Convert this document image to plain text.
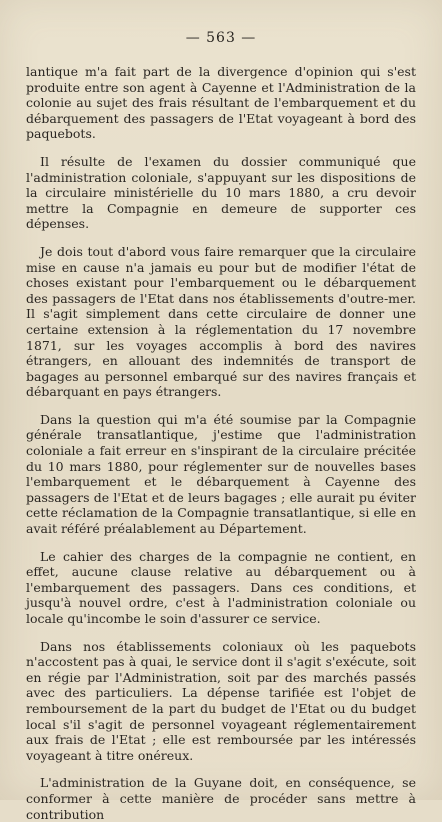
— 563 —

lantique m'a fait part de la divergence d'opinion qui s'est produite entre son agent à Cayenne et l'Administration de la colonie au sujet des frais résultant de l'embarquement et du débarquement des passagers de l'Etat voyageant à bord des paquebots.

Il résulte de l'examen du dossier communiqué que l'administration coloniale, s'appuyant sur les dispositions de la circulaire ministérielle du 10 mars 1880, a cru devoir mettre la Compagnie en demeure de supporter ces dépenses.

Je dois tout d'abord vous faire remarquer que la circulaire mise en cause n'a jamais eu pour but de modifier l'état de choses existant pour l'embarquement ou le débarquement des passagers de l'Etat dans nos établissements d'outre-mer. Il s'agit simplement dans cette circulaire de donner une certaine extension à la réglementation du 17 novembre 1871, sur les voyages accomplis à bord des navires étrangers, en allouant des indemnités de transport de bagages au personnel embarqué sur des navires français et débarquant en pays étrangers.

Dans la question qui m'a été soumise par la Compagnie générale transatlantique, j'estime que l'administration coloniale a fait erreur en s'inspirant de la circulaire précitée du 10 mars 1880, pour réglementer sur de nouvelles bases l'embarquement et le débarquement à Cayenne des passagers de l'Etat et de leurs bagages ; elle aurait pu éviter cette réclamation de la Compagnie transatlantique, si elle en avait référé préalablement au Département.

Le cahier des charges de la compagnie ne contient, en effet, aucune clause relative au débarquement ou à l'embarquement des passagers. Dans ces conditions, et jusqu'à nouvel ordre, c'est à l'administration coloniale ou locale qu'incombe le soin d'assurer ce service.

Dans nos établissements coloniaux où les paquebots n'accostent pas à quai, le service dont il s'agit s'exécute, soit en régie par l'Administration, soit par des marchés passés avec des particuliers. La dépense tarifiée est l'objet de remboursement de la part du budget de l'Etat ou du budget local s'il s'agit de personnel voyageant réglementairement aux frais de l'Etat ; elle est remboursée par les intéressés voyageant à titre onéreux.

L'administration de la Guyane doit, en conséquence, se conformer à cette manière de procéder sans mettre à contribution
